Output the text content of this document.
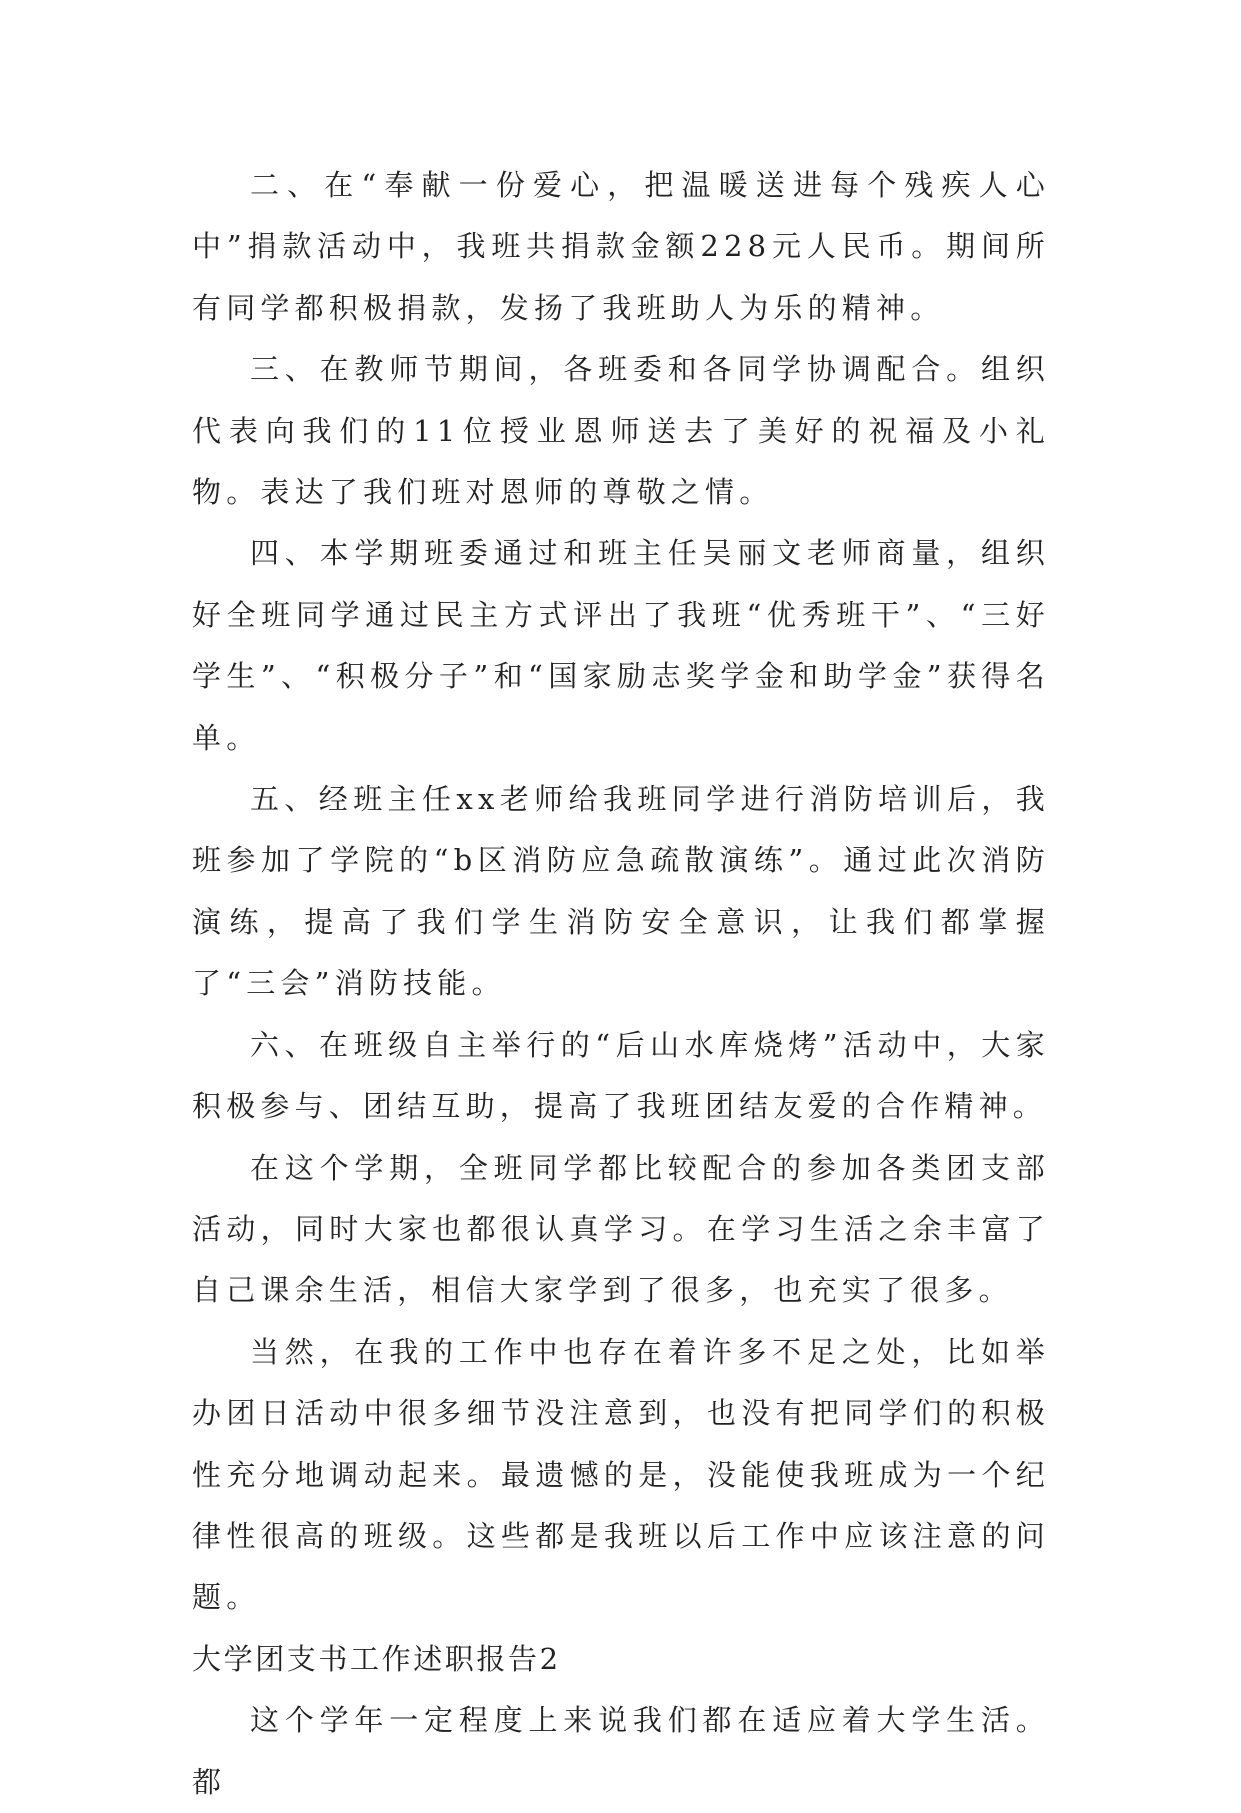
二、在“奉献一份爱心，把温暖送进每个残疾人心中”捐款活动中，我班共捐款金额228元人民币。期间所有同学都积极捐款，发扬了我班助人为乐的精神。

三、在教师节期间，各班委和各同学协调配合。组织代表向我们的11位授业恩师送去了美好的祝福及小礼物。表达了我们班对恩师的尊敬之情。

四、本学期班委通过和班主任吴丽文老师商量，组织好全班同学通过民主方式评出了我班“优秀班干”、“三好学生”、“积极分子”和“国家励志奖学金和助学金”获得名单。

五、经班主任xx老师给我班同学进行消防培训后，我班参加了学院的“b区消防应急疏散演练”。通过此次消防演练，提高了我们学生消防安全意识，让我们都掌握了“三会”消防技能。

六、在班级自主举行的“后山水库烧烤”活动中，大家积极参与、团结互助，提高了我班团结友爱的合作精神。

在这个学期，全班同学都比较配合的参加各类团支部活动，同时大家也都很认真学习。在学习生活之余丰富了自己课余生活，相信大家学到了很多，也充实了很多。

当然，在我的工作中也存在着许多不足之处，比如举办团日活动中很多细节没注意到，也没有把同学们的积极性充分地调动起来。最遗憾的是，没能使我班成为一个纪律性很高的班级。这些都是我班以后工作中应该注意的问题。

大学团支书工作述职报告2

这个学年一定程度上来说我们都在适应着大学生活。都
